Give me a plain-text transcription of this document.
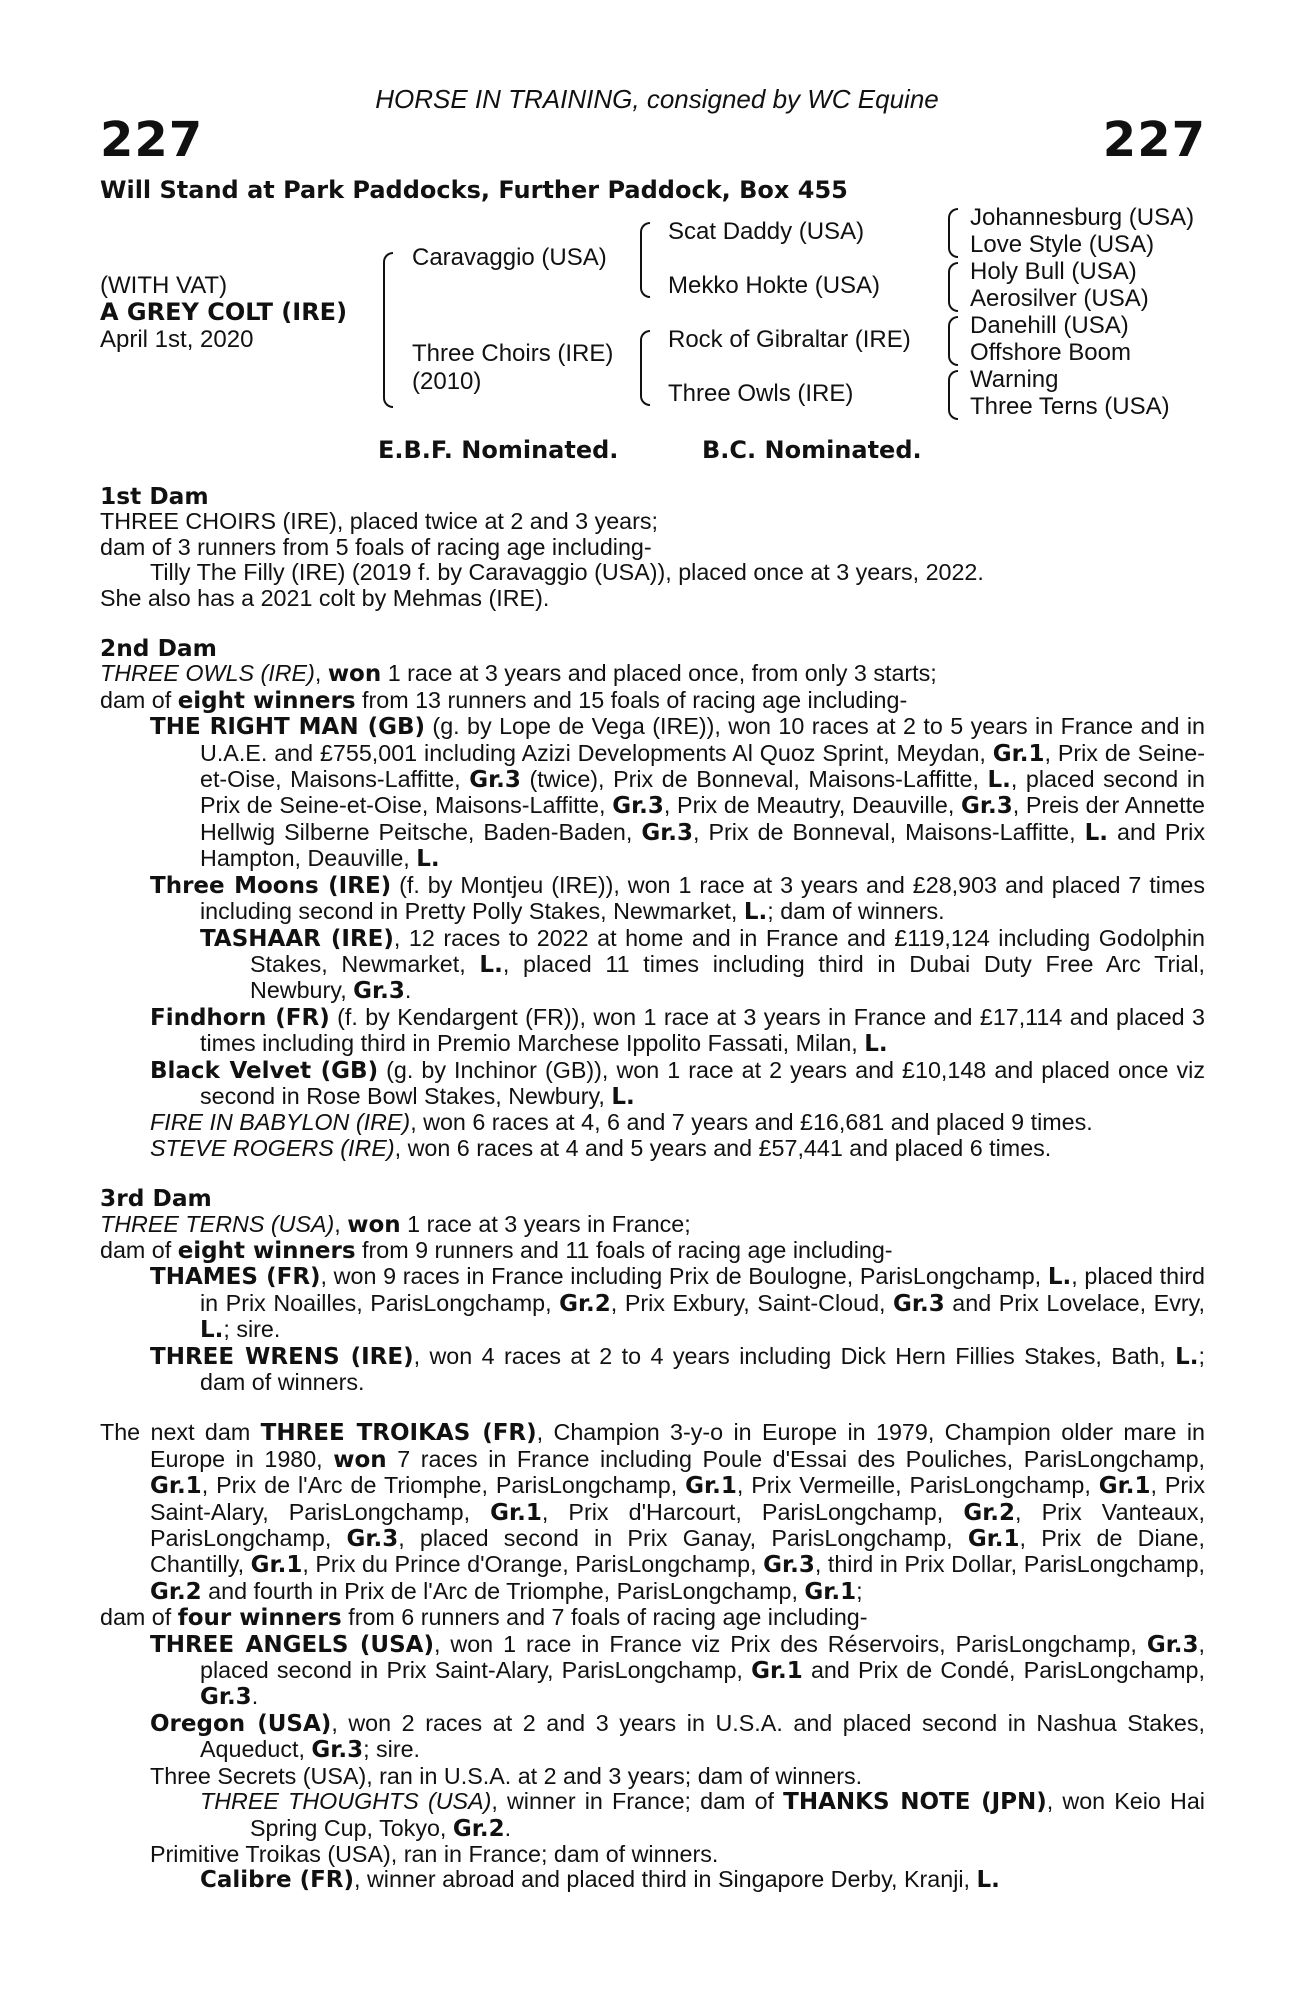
HORSE IN TRAINING, consigned by WC Equine
227	227
Will Stand at Park Paddocks, Further Paddock, Box 455
(WITH VAT)
A GREY COLT (IRE)
April 1st, 2020
Caravaggio (USA)
Three Choirs (IRE)
(2010)
Scat Daddy (USA)
Mekko Hokte (USA)
Rock of Gibraltar (IRE)
Three Owls (IRE)
Johannesburg (USA)
Love Style (USA)
Holy Bull (USA)
Aerosilver (USA)
Danehill (USA)
Offshore Boom
Warning
Three Terns (USA)
E.B.F. Nominated.	B.C. Nominated.

1st Dam

THREE CHOIRS (IRE), placed twice at 2 and 3 years;

dam of 3 runners from 5 foals of racing age including-

Tilly The Filly (IRE) (2019 f. by Caravaggio (USA)), placed once at 3 years, 2022.

She also has a 2021 colt by Mehmas (IRE).

2nd Dam

THREE OWLS (IRE), won 1 race at 3 years and placed once, from only 3 starts;

dam of eight winners from 13 runners and 15 foals of racing age including-

THE RIGHT MAN (GB) (g. by Lope de Vega (IRE)), won 10 races at 2 to 5 years in France and in U.A.E. and £755,001 including Azizi Developments Al Quoz Sprint, Meydan, Gr.1, Prix de Seine-et-Oise, Maisons-Laffitte, Gr.3 (twice), Prix de Bonneval, Maisons-Laffitte, L., placed second in Prix de Seine-et-Oise, Maisons-Laffitte, Gr.3, Prix de Meautry, Deauville, Gr.3, Preis der Annette Hellwig Silberne Peitsche, Baden-Baden, Gr.3, Prix de Bonneval, Maisons-Laffitte, L. and Prix Hampton, Deauville, L.

Three Moons (IRE) (f. by Montjeu (IRE)), won 1 race at 3 years and £28,903 and placed 7 times including second in Pretty Polly Stakes, Newmarket, L.; dam of winners.

TASHAAR (IRE), 12 races to 2022 at home and in France and £119,124 including Godolphin Stakes, Newmarket, L., placed 11 times including third in Dubai Duty Free Arc Trial, Newbury, Gr.3.

Findhorn (FR) (f. by Kendargent (FR)), won 1 race at 3 years in France and £17,114 and placed 3 times including third in Premio Marchese Ippolito Fassati, Milan, L.

Black Velvet (GB) (g. by Inchinor (GB)), won 1 race at 2 years and £10,148 and placed once viz second in Rose Bowl Stakes, Newbury, L.

FIRE IN BABYLON (IRE), won 6 races at 4, 6 and 7 years and £16,681 and placed 9 times.

STEVE ROGERS (IRE), won 6 races at 4 and 5 years and £57,441 and placed 6 times.

3rd Dam

THREE TERNS (USA), won 1 race at 3 years in France;

dam of eight winners from 9 runners and 11 foals of racing age including-

THAMES (FR), won 9 races in France including Prix de Boulogne, ParisLongchamp, L., placed third in Prix Noailles, ParisLongchamp, Gr.2, Prix Exbury, Saint-Cloud, Gr.3 and Prix Lovelace, Evry, L.; sire.

THREE WRENS (IRE), won 4 races at 2 to 4 years including Dick Hern Fillies Stakes, Bath, L.; dam of winners.

The next dam THREE TROIKAS (FR), Champion 3-y-o in Europe in 1979, Champion older mare in Europe in 1980, won 7 races in France including Poule d'Essai des Pouliches, ParisLongchamp, Gr.1, Prix de l'Arc de Triomphe, ParisLongchamp, Gr.1, Prix Vermeille, ParisLongchamp, Gr.1, Prix Saint-Alary, ParisLongchamp, Gr.1, Prix d'Harcourt, ParisLongchamp, Gr.2, Prix Vanteaux, ParisLongchamp, Gr.3, placed second in Prix Ganay, ParisLongchamp, Gr.1, Prix de Diane, Chantilly, Gr.1, Prix du Prince d'Orange, ParisLongchamp, Gr.3, third in Prix Dollar, ParisLongchamp, Gr.2 and fourth in Prix de l'Arc de Triomphe, ParisLongchamp, Gr.1;

dam of four winners from 6 runners and 7 foals of racing age including-

THREE ANGELS (USA), won 1 race in France viz Prix des Réservoirs, ParisLongchamp, Gr.3, placed second in Prix Saint-Alary, ParisLongchamp, Gr.1 and Prix de Condé, ParisLongchamp, Gr.3.

Oregon (USA), won 2 races at 2 and 3 years in U.S.A. and placed second in Nashua Stakes, Aqueduct, Gr.3; sire.

Three Secrets (USA), ran in U.S.A. at 2 and 3 years; dam of winners.

THREE THOUGHTS (USA), winner in France; dam of THANKS NOTE (JPN), won Keio Hai Spring Cup, Tokyo, Gr.2.

Primitive Troikas (USA), ran in France; dam of winners.

Calibre (FR), winner abroad and placed third in Singapore Derby, Kranji, L.
